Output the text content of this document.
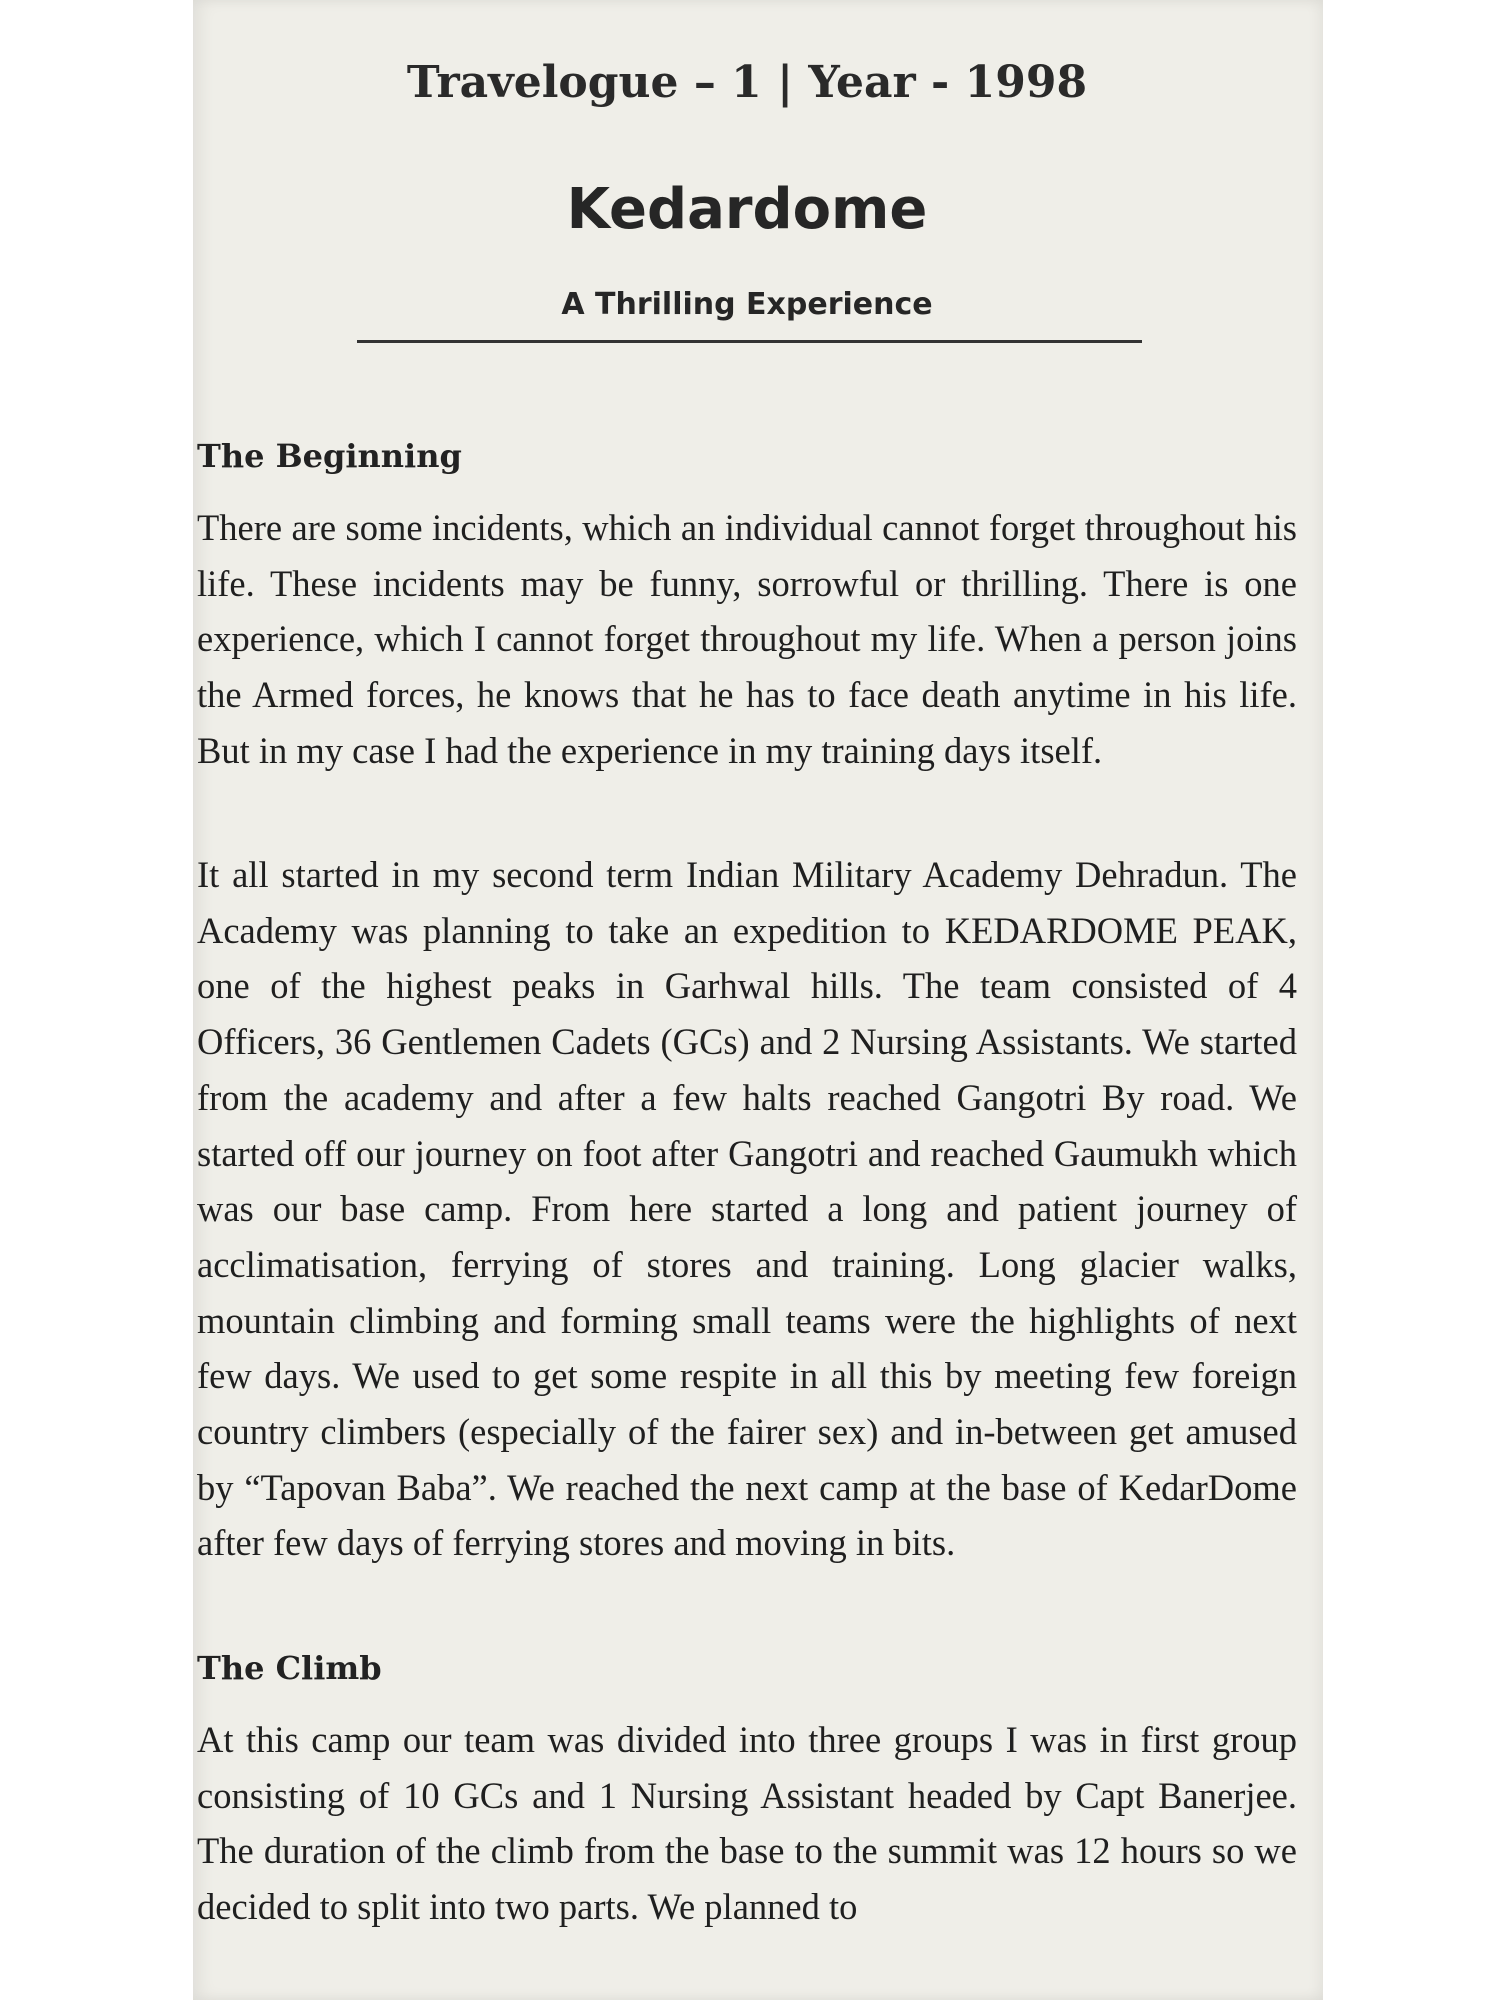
Travelogue – 1 | Year - 1998
Kedardome
A Thrilling Experience
The Beginning

There are some incidents, which an individual cannot forget throughout his life. These incidents may be funny, sorrowful or thrilling. There is one experience, which I cannot forget throughout my life. When a person joins the Armed forces, he knows that he has to face death anytime in his life. But in my case I had the experience in my training days itself.

It all started in my second term Indian Military Academy Dehradun. The Academy was planning to take an expedition to KEDARDOME PEAK, one of the highest peaks in Garhwal hills. The team consisted of 4 Officers, 36 Gentlemen Cadets (GCs) and 2 Nursing Assistants. We started from the academy and after a few halts reached Gangotri By road. We started off our journey on foot after Gangotri and reached Gaumukh which was our base camp. From here started a long and patient journey of acclimatisation, ferrying of stores and training. Long glacier walks, mountain climbing and forming small teams were the highlights of next few days. We used to get some respite in all this by meeting few foreign country climbers (especially of the fairer sex) and in-between get amused by “Tapovan Baba”. We reached the next camp at the base of KedarDome after few days of ferrying stores and moving in bits.

The Climb

At this camp our team was divided into three groups I was in first group consisting of 10 GCs and 1 Nursing Assistant headed by Capt Banerjee. The duration of the climb from the base to the summit was 12 hours so we decided to split into two parts. We planned to
